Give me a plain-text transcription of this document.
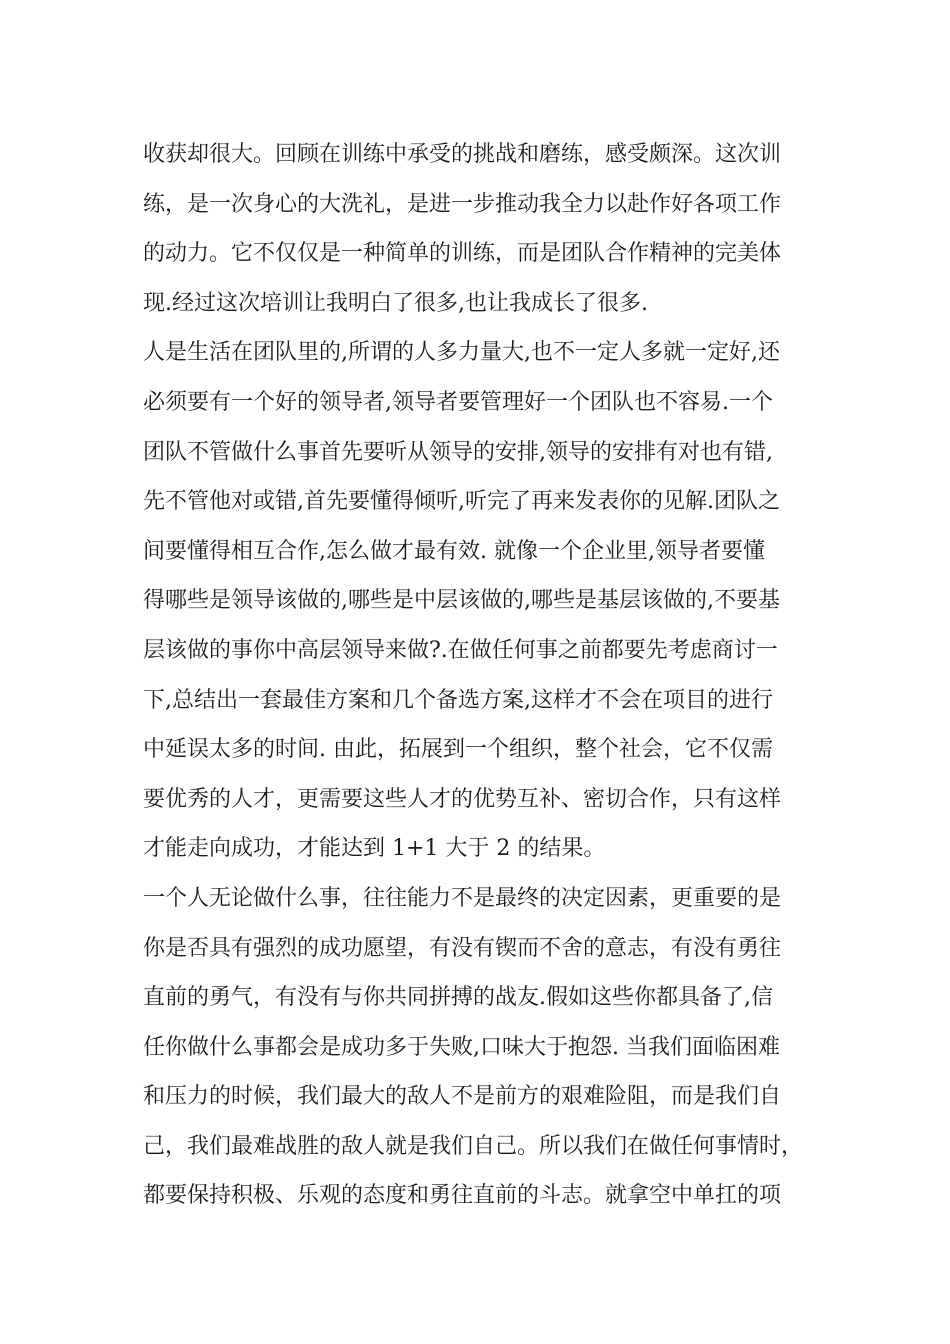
收获却很大。回顾在训练中承受的挑战和磨练，感受颇深。这次训
练，是一次身心的大洗礼，是进一步推动我全力以赴作好各项工作
的动力。它不仅仅是一种简单的训练，而是团队合作精神的完美体
现.经过这次培训让我明白了很多,也让我成长了很多.
人是生活在团队里的,所谓的人多力量大,也不一定人多就一定好,还
必须要有一个好的领导者,领导者要管理好一个团队也不容易.一个
团队不管做什么事首先要听从领导的安排,领导的安排有对也有错,
先不管他对或错,首先要懂得倾听,听完了再来发表你的见解.团队之
间要懂得相互合作,怎么做才最有效. 就像一个企业里,领导者要懂
得哪些是领导该做的,哪些是中层该做的,哪些是基层该做的,不要基
层该做的事你中高层领导来做?.在做任何事之前都要先考虑商讨一
下,总结出一套最佳方案和几个备选方案,这样才不会在项目的进行
中延误太多的时间. 由此，拓展到一个组织，整个社会，它不仅需
要优秀的人才，更需要这些人才的优势互补、密切合作，只有这样
才能走向成功，才能达到 1+1 大于 2 的结果。
一个人无论做什么事，往往能力不是最终的决定因素，更重要的是
你是否具有强烈的成功愿望，有没有锲而不舍的意志，有没有勇往
直前的勇气，有没有与你共同拼搏的战友.假如这些你都具备了,信
任你做什么事都会是成功多于失败,口味大于抱怨. 当我们面临困难
和压力的时候，我们最大的敌人不是前方的艰难险阻，而是我们自
己，我们最难战胜的敌人就是我们自己。所以我们在做任何事情时，
都要保持积极、乐观的态度和勇往直前的斗志。就拿空中单扛的项
